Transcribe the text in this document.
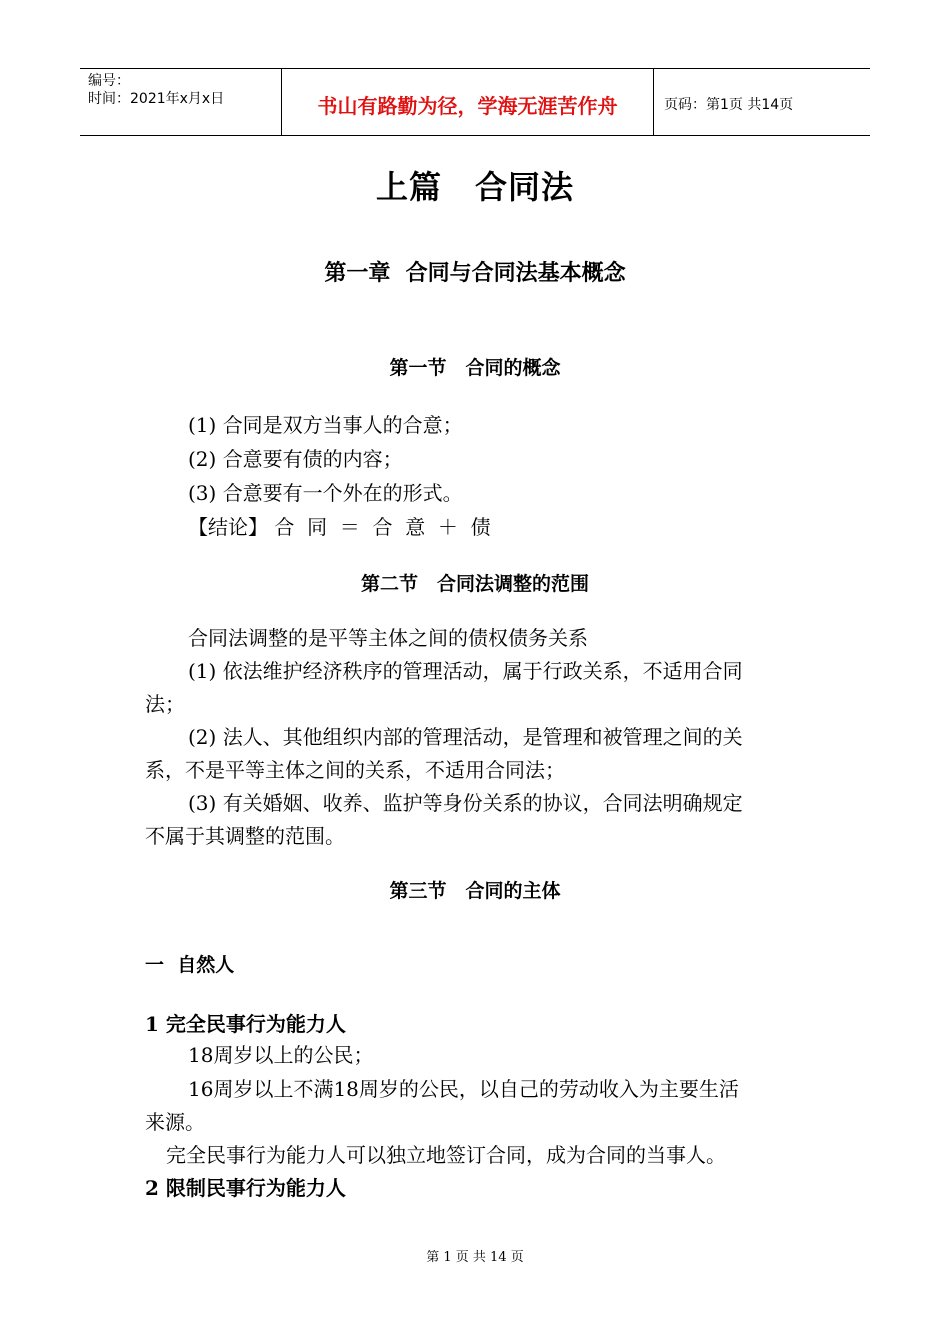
编号：
时间：2021年x月x日	书山有路勤为径，学海无涯苦作舟	页码：第1页 共14页
上篇　合同法
第一章  合同与合同法基本概念
第一节　合同的概念
(1) 合同是双方当事人的合意；
(2) 合意要有债的内容；
(3) 合意要有一个外在的形式。
【结论】 合  同  ＝  合  意  ＋  债
第二节　合同法调整的范围
合同法调整的是平等主体之间的债权债务关系
(1) 依法维护经济秩序的管理活动，属于行政关系，不适用合同
法；
(2) 法人、其他组织内部的管理活动，是管理和被管理之间的关
系，不是平等主体之间的关系，不适用合同法；
(3) 有关婚姻、收养、监护等身份关系的协议，合同法明确规定
不属于其调整的范围。
第三节　合同的主体
一  自然人
1 完全民事行为能力人
18周岁以上的公民；
16周岁以上不满18周岁的公民，以自己的劳动收入为主要生活
来源。
完全民事行为能力人可以独立地签订合同，成为合同的当事人。
2 限制民事行为能力人
第 1 页 共 14 页
